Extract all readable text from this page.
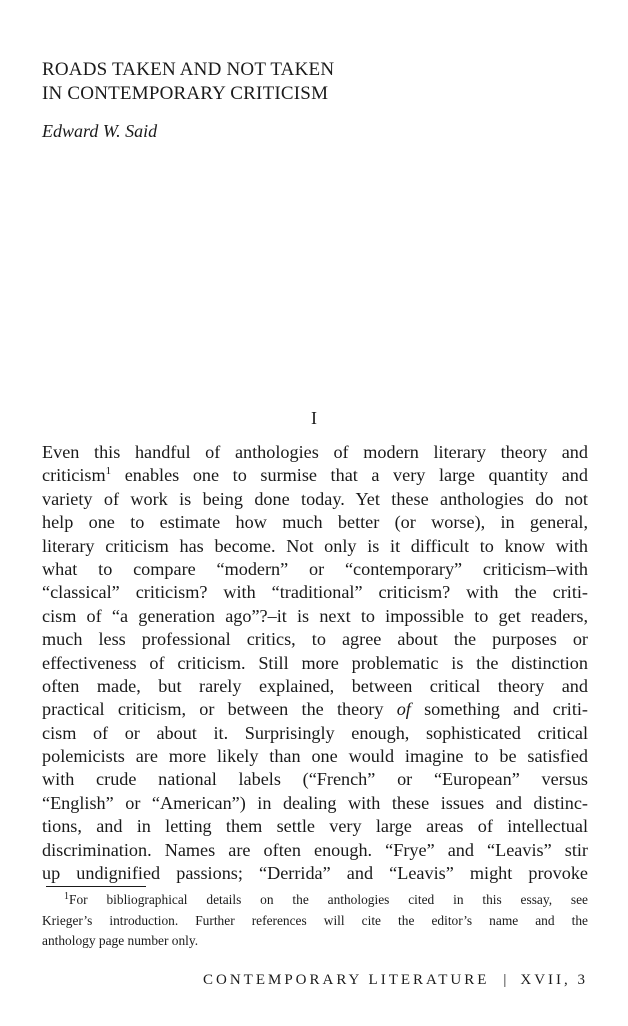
ROADS TAKEN AND NOT TAKEN
IN CONTEMPORARY CRITICISM
Edward W. Said
I
Even this handful of anthologies of modern literary theory and
criticism$^1$ enables one to surmise that a very large quantity and
variety of work is being done today. Yet these anthologies do not
help one to estimate how much better (or worse), in general,
literary criticism has become. Not only is it difficult to know with
what to compare “modern” or “contemporary” criticism–with
“classical” criticism? with “traditional” criticism? with the criti-
cism of “a generation ago”?–it is next to impossible to get readers,
much less professional critics, to agree about the purposes or
effectiveness of criticism. Still more problematic is the distinction
often made, but rarely explained, between critical theory and
practical criticism, or between the theory of something and criti-
cism of or about it. Surprisingly enough, sophisticated critical
polemicists are more likely than one would imagine to be satisfied
with crude national labels (“French” or “European” versus
“English” or “American”) in dealing with these issues and distinc-
tions, and in letting them settle very large areas of intellectual
discrimination. Names are often enough. “Frye” and “Leavis” stir
up undignified passions; “Derrida” and “Leavis” might provoke
$^1$For bibliographical details on the anthologies cited in this essay, see
Krieger’s introduction. Further references will cite the editor’s name and the
anthology page number only.
CONTEMPORARY LITERATURE | XVII, 3
